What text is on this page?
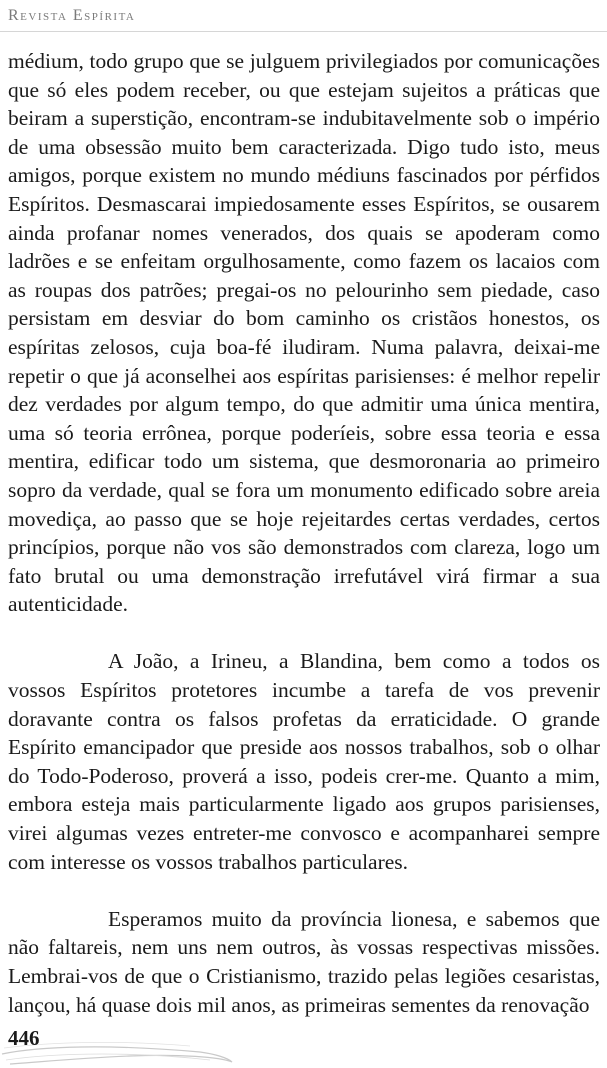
Revista Espírita

médium, todo grupo que se julguem privilegiados por comunicações que só eles podem receber, ou que estejam sujeitos a práticas que beiram a superstição, encontram-se indubitavelmente sob o império de uma obsessão muito bem caracterizada. Digo tudo isto, meus amigos, porque existem no mundo médiuns fascinados por pérfidos Espíritos. Desmascarai impiedosamente esses Espíritos, se ousarem ainda profanar nomes venerados, dos quais se apoderam como ladrões e se enfeitam orgulhosamente, como fazem os lacaios com as roupas dos patrões; pregai-os no pelourinho sem piedade, caso persistam em desviar do bom caminho os cristãos honestos, os espíritas zelosos, cuja boa-fé iludiram. Numa palavra, deixai-me repetir o que já aconselhei aos espíritas parisienses: é melhor repelir dez verdades por algum tempo, do que admitir uma única mentira, uma só teoria errônea, porque poderíeis, sobre essa teoria e essa mentira, edificar todo um sistema, que desmoronaria ao primeiro sopro da verdade, qual se fora um monumento edificado sobre areia movediça, ao passo que se hoje rejeitardes certas verdades, certos princípios, porque não vos são demonstrados com clareza, logo um fato brutal ou uma demonstração irrefutável virá firmar a sua autenticidade.

A João, a Irineu, a Blandina, bem como a todos os vossos Espíritos protetores incumbe a tarefa de vos prevenir doravante contra os falsos profetas da erraticidade. O grande Espírito emancipador que preside aos nossos trabalhos, sob o olhar do Todo-Poderoso, proverá a isso, podeis crer-me. Quanto a mim, embora esteja mais particularmente ligado aos grupos parisienses, virei algumas vezes entreter-me convosco e acompanharei sempre com interesse os vossos trabalhos particulares.

Esperamos muito da província lionesa, e sabemos que não faltareis, nem uns nem outros, às vossas respectivas missões. Lembrai-vos de que o Cristianismo, trazido pelas legiões cesaristas, lançou, há quase dois mil anos, as primeiras sementes da renovação

446
